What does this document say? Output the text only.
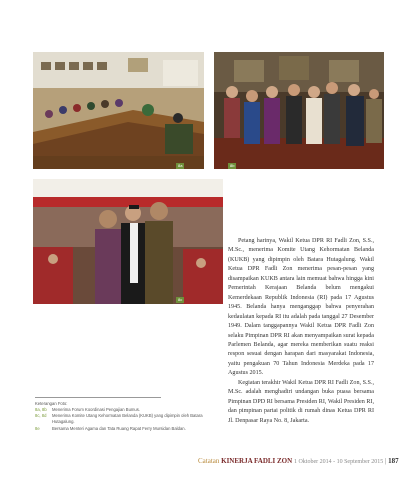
8a	8b
8c

Petang harinya, Wakil Ketua DPR RI Fadli Zon, S.S., M.Sc., menerima Komite Utang Kehormatan Belanda (KUKB) yang dipimpin oleh Batara Hutagalung. Wakil Ketua DPR Fadli Zon menerima pesan-pesan yang disampaikan KUKB antara lain memuat bahwa hingga kini Pemerintah Kerajaan Belanda belum mengakui Kemerdekaan Republik Indonesia (RI) pada 17 Agustus 1945. Belanda hanya menganggap bahwa penyerahan kedaulatan kepada RI itu adalah pada tanggal 27 Desember 1949. Dalam tanggapannya Wakil Ketua DPR Fadli Zon selaku Pimpinan DPR RI akan menyampaikan surat kepada Parlemen Belanda, agar mereka memberikan suatu reaksi respon sesuai dengan harapan dari masyarakat Indonesia, yaitu pengakuan 70 Tahun Indonesia Merdeka pada 17 Agustus 2015.

Kegiatan terakhir Wakil Ketua DPR RI Fadli Zon, S.S., M.Sc. adalah menghadiri undangan buka puasa bersama Pimpinan DPD RI bersama Presiden RI, Wakil Presiden RI, dan pimpinan partai politik di rumah dinas Ketua DPR RI Jl. Denpasar Raya No. 8, Jakarta.

Keterangan Foto:
8a, 8b	Menerima Forum Koordinasi Pengajian Bumus.
8c, 8d	Menerima Komite Utang Kehormatan Belanda (KUKB) yang dipimpin oleh Batara Hutagalung.
8e	Bersama Menteri Agama dan Tata Ruang Rapat Ferry Mursidan Baldan.
Catatan KINERJA FADLI ZON 1 Oktober 2014 - 10 September 2015 | 187
